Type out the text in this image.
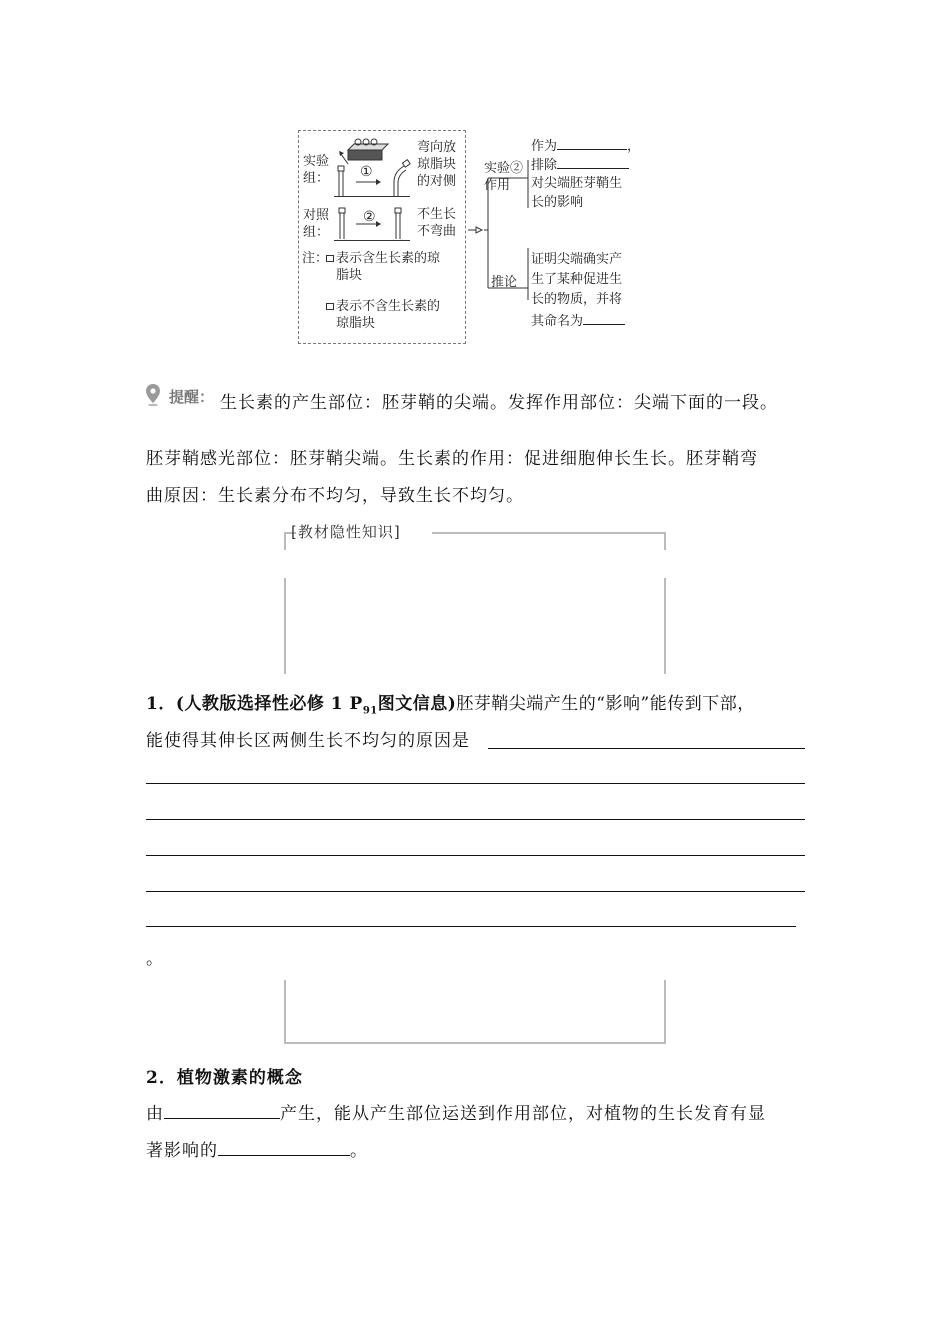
实验
组： ①
弯向放
琼脂块
的对侧
对照
组：
②	不生长
不弯曲
注： 表示含生长素的琼
脂块
表示不含生长素的
琼脂块
实验②
作用
推论
作为	，
排除
对尖端胚芽鞘生
长的影响
证明尖端确实产
生了某种促进生
长的物质，并将
其命名为
提醒： 生长素的产生部位：胚芽鞘的尖端。发挥作用部位：尖端下面的一段。
胚芽鞘感光部位：胚芽鞘尖端。生长素的作用：促进细胞伸长生长。胚芽鞘弯
曲原因：生长素分布不均匀，导致生长不均匀。
[教材隐性知识]
1．(人教版选择性必修 1 $P_{91}$图文信息)胚芽鞘尖端产生的“影响”能传到下部，
能使得其伸长区两侧生长不均匀的原因是
。
2．植物激素的概念
由	产生，能从产生部位运送到作用部位，对植物的生长发育有显
著影响的	。
